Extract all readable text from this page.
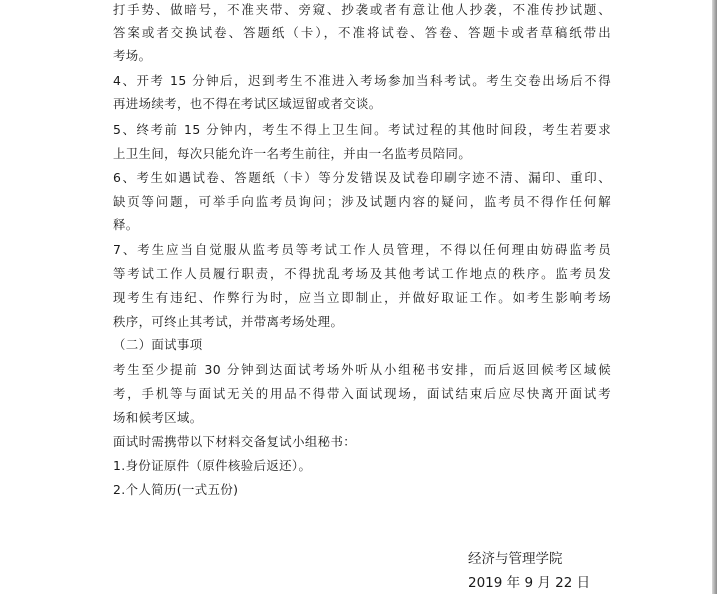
打手势、做暗号，不准夹带、旁窥、抄袭或者有意让他人抄袭，不准传抄试题、
答案或者交换试卷、答题纸（卡），不准将试卷、答卷、答题卡或者草稿纸带出
考场。
4、开考 15 分钟后，迟到考生不准进入考场参加当科考试。考生交卷出场后不得
再进场续考，也不得在考试区域逗留或者交谈。
5、终考前 15 分钟内，考生不得上卫生间。考试过程的其他时间段，考生若要求
上卫生间，每次只能允许一名考生前往，并由一名监考员陪同。
6、考生如遇试卷、答题纸（卡）等分发错误及试卷印刷字迹不清、漏印、重印、
缺页等问题，可举手向监考员询问；涉及试题内容的疑问，监考员不得作任何解
释。
7、考生应当自觉服从监考员等考试工作人员管理，不得以任何理由妨碍监考员
等考试工作人员履行职责，不得扰乱考场及其他考试工作地点的秩序。监考员发
现考生有违纪、作弊行为时，应当立即制止，并做好取证工作。如考生影响考场
秩序，可终止其考试，并带离考场处理。
（二）面试事项
考生至少提前 30 分钟到达面试考场外听从小组秘书安排，而后返回候考区域候
考，手机等与面试无关的用品不得带入面试现场，面试结束后应尽快离开面试考
场和候考区域。
面试时需携带以下材料交备复试小组秘书：
1.身份证原件（原件核验后返还）。
2.个人简历(一式五份)
经济与管理学院
2019 年 9 月 22 日
